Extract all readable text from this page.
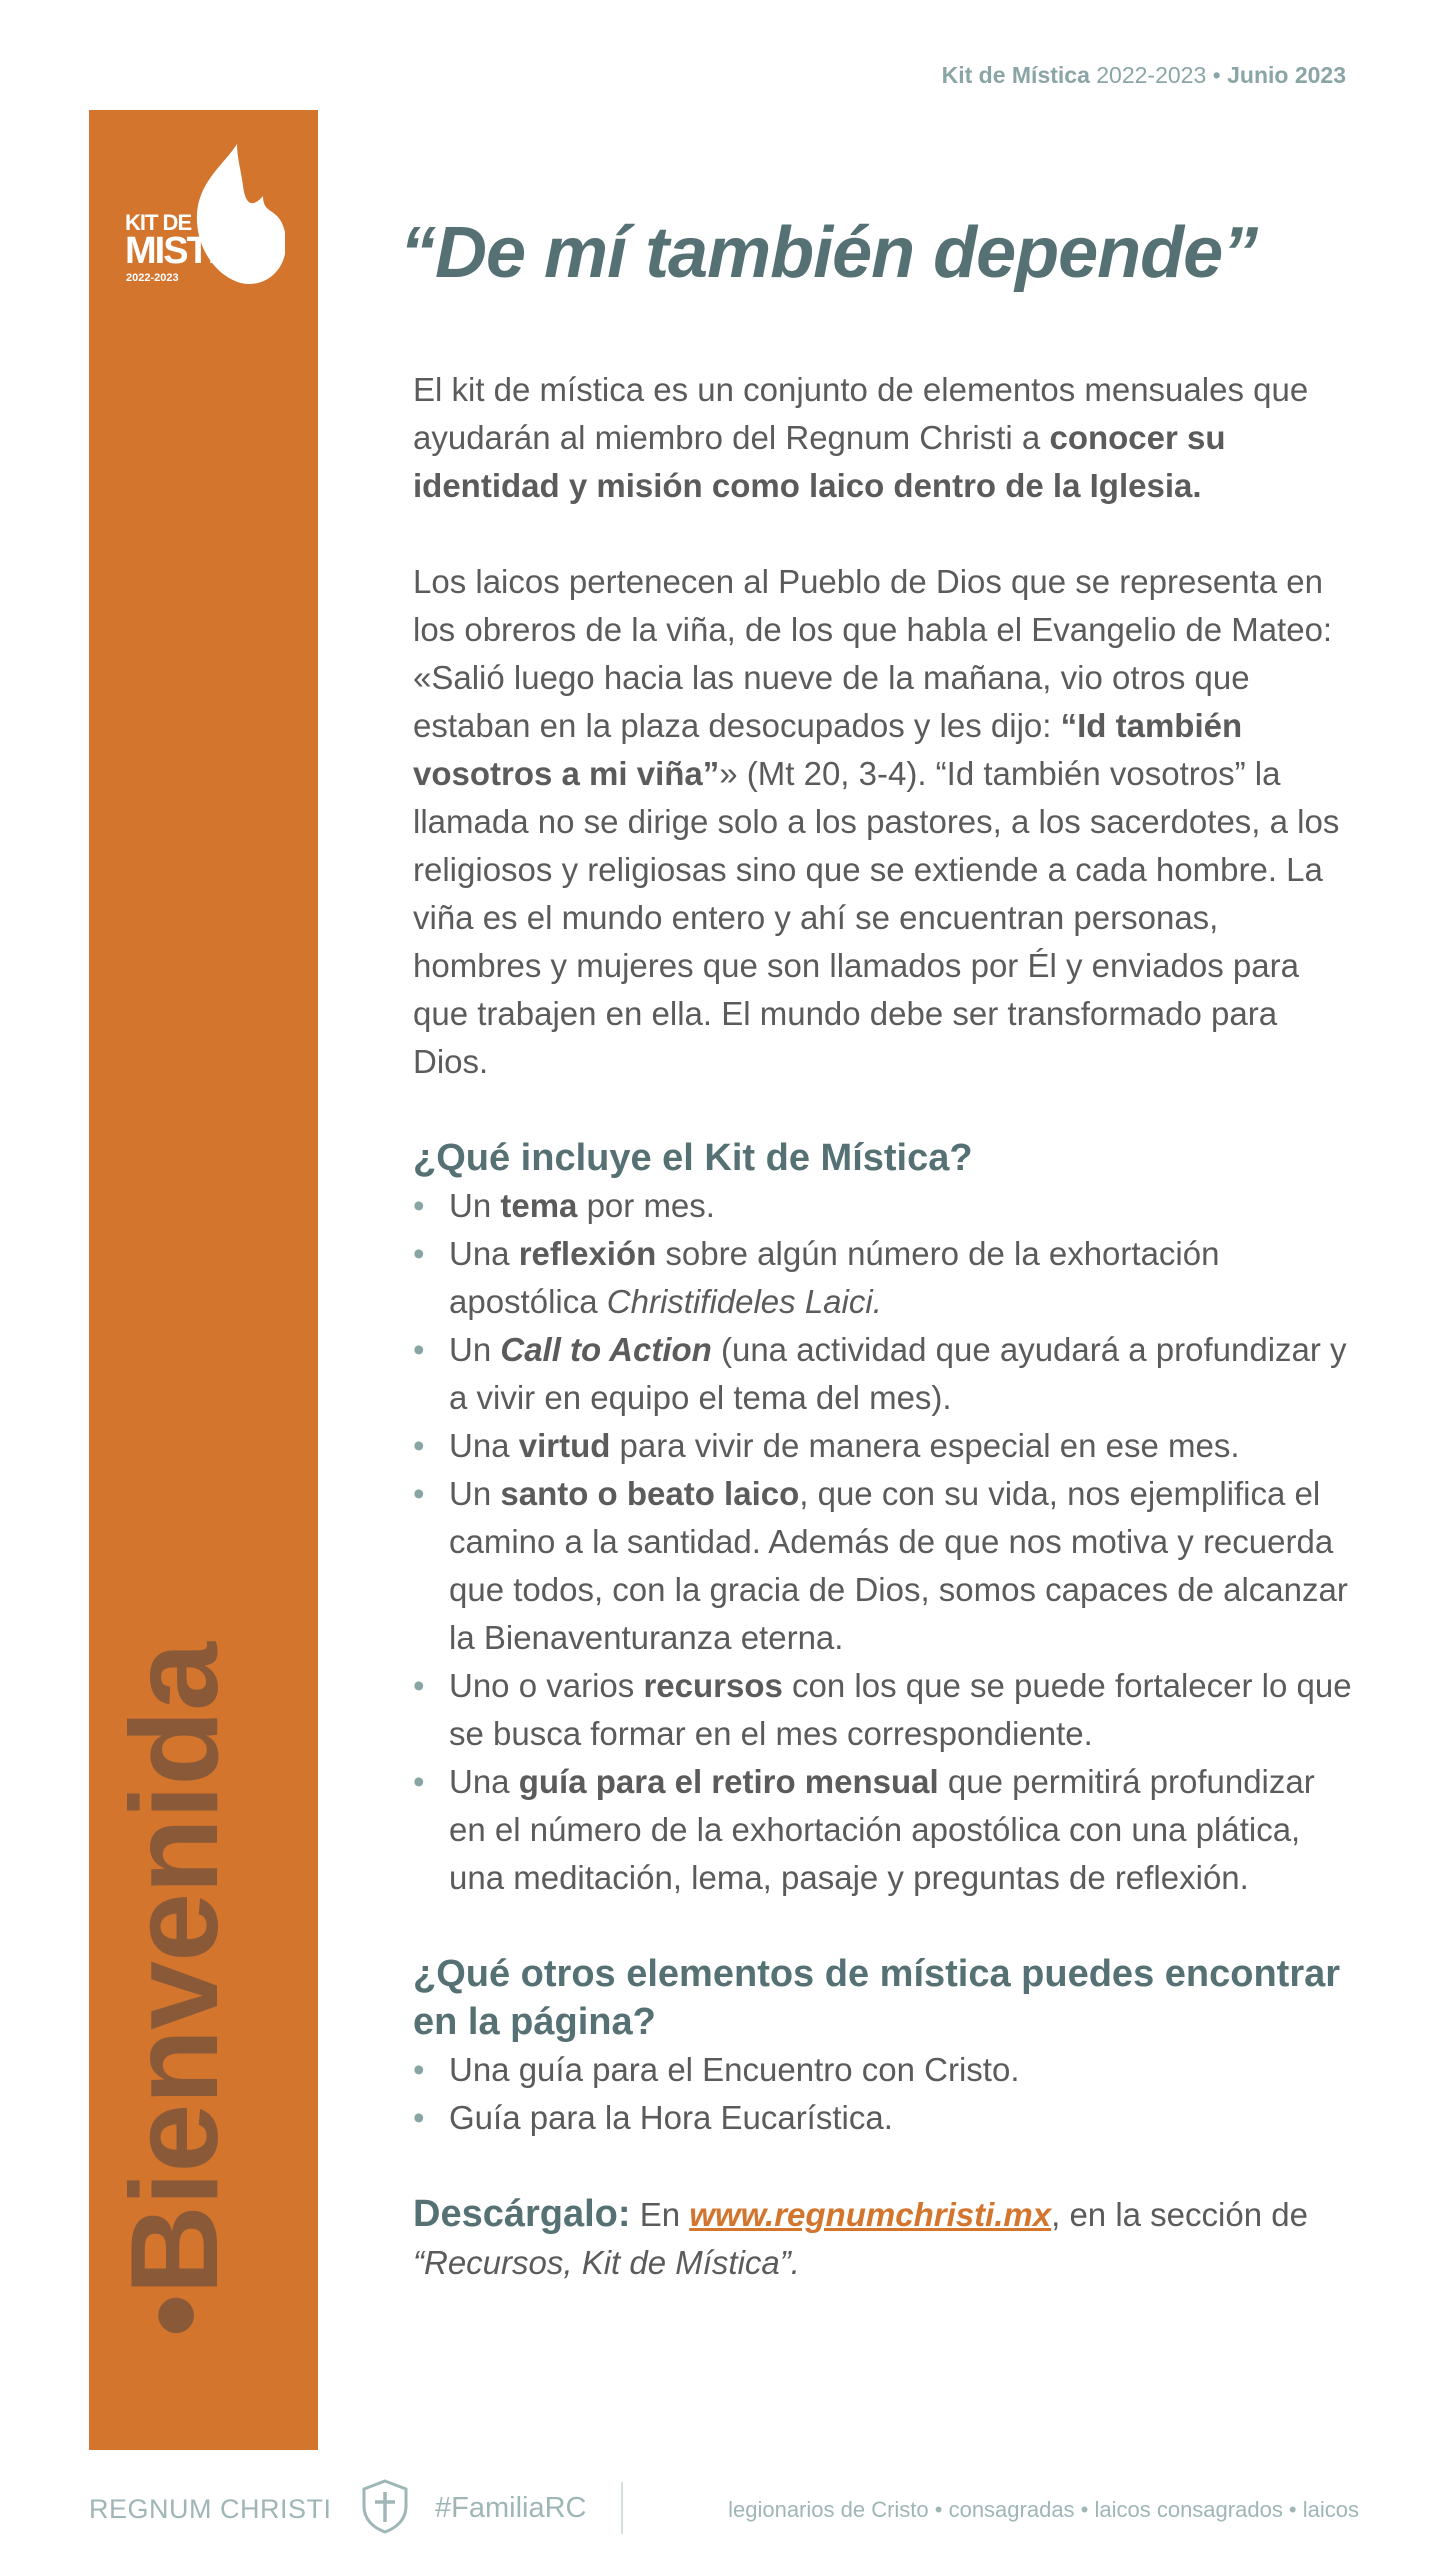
Kit de Mística 2022-2023 • Junio 2023
KIT DE
MISTICA
2022-2023
•Bienvenida
“De mí también depende”

El kit de mística es un conjunto de elementos mensuales que ayudarán al miembro del Regnum Christi a conocer su identidad y misión como laico dentro de la Iglesia.

Los laicos pertenecen al Pueblo de Dios que se representa en los obreros de la viña, de los que habla el Evangelio de Mateo: «Salió luego hacia las nueve de la mañana, vio otros que estaban en la plaza desocupados y les dijo: “Id también vosotros a mi viña”» (Mt 20, 3-4). “Id también vosotros” la llamada no se dirige solo a los pastores, a los sacerdotes, a los religiosos y religiosas sino que se extiende a cada hombre. La viña es el mundo entero y ahí se encuentran personas, hombres y mujeres que son llamados por Él y enviados para que trabajen en ella. El mundo debe ser transformado para Dios.

¿Qué incluye el Kit de Mística?
• Un tema por mes.
• Una reflexión sobre algún número de la exhortación apostólica Christifideles Laici.
• Un Call to Action (una actividad que ayudará a profundizar y a vivir en equipo el tema del mes).
• Una virtud para vivir de manera especial en ese mes.
• Un santo o beato laico, que con su vida, nos ejemplifica el camino a la santidad. Además de que nos motiva y recuerda que todos, con la gracia de Dios, somos capaces de alcanzar la Bienaventuranza eterna.
• Uno o varios recursos con los que se puede fortalecer lo que se busca formar en el mes correspondiente.
• Una guía para el retiro mensual que permitirá profundizar en el número de la exhortación apostólica con una plática, una meditación, lema, pasaje y preguntas de reflexión.
¿Qué otros elementos de mística puedes encontrar en la página?
• Una guía para el Encuentro con Cristo.
• Guía para la Hora Eucarística.

Descárgalo: En www.regnumchristi.mx, en la sección de “Recursos, Kit de Mística”.

REGNUM CHRISTI	#FamiliaRC	legionarios de Cristo • consagradas • laicos consagrados • laicos
